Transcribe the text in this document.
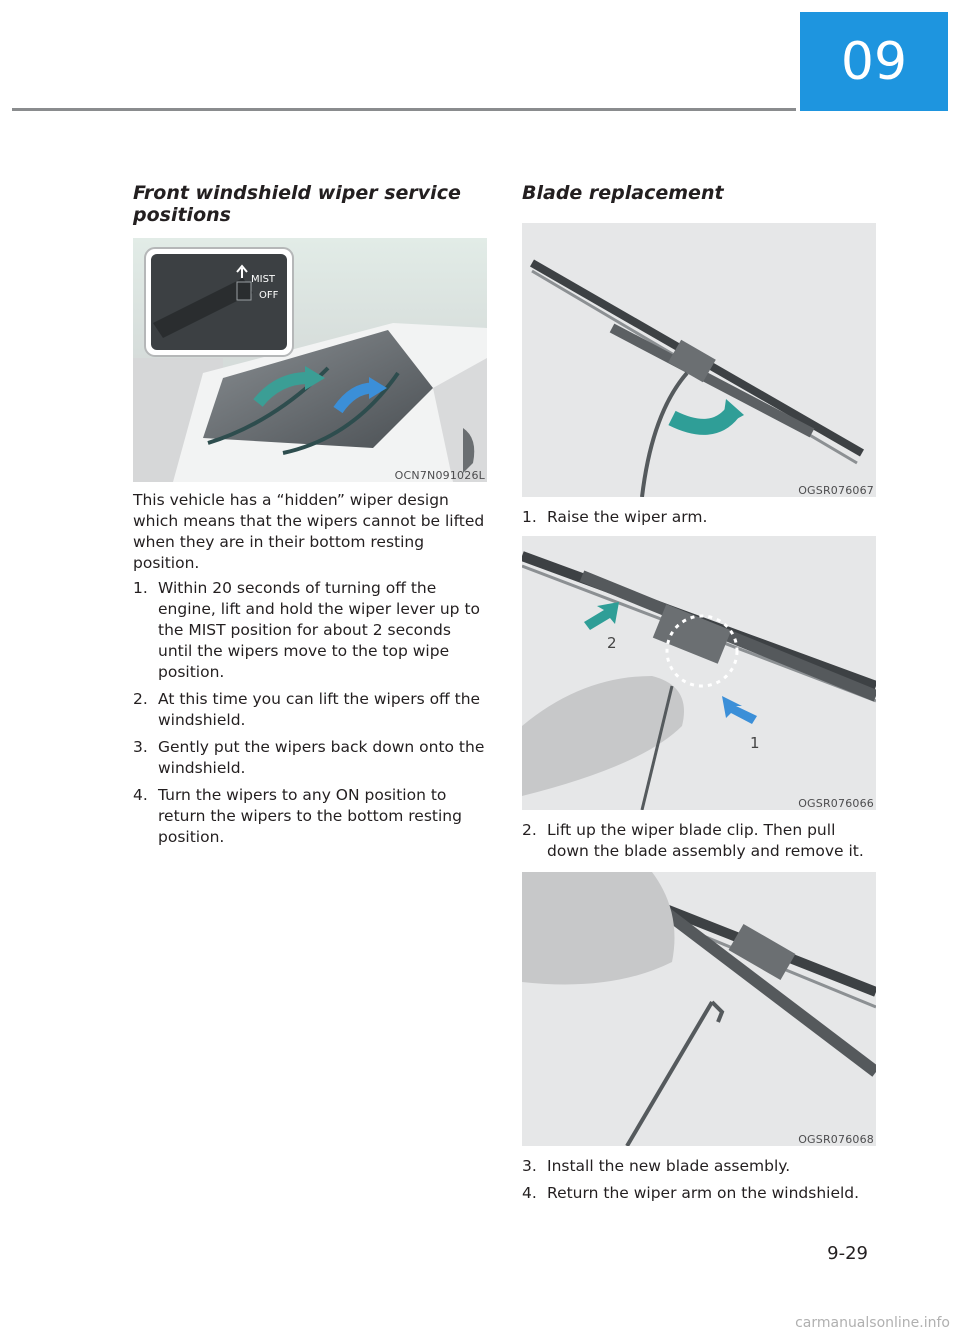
09
Front windshield wiper service positions
MIST
OFF
OCN7N091026L

This vehicle has a “hidden” wiper design which means that the wipers cannot be lifted when they are in their bottom resting position.

1. Within 20 seconds of turning off the engine, lift and hold the wiper lever up to the MIST position for about 2 seconds until the wipers move to the top wipe position.
2. At this time you can lift the wipers off the windshield.
3. Gently put the wipers back down onto the windshield.
4. Turn the wipers to any ON position to return the wipers to the bottom resting position.
Blade replacement
OGSR076067
1. Raise the wiper arm.
2
1
OGSR076066
2. Lift up the wiper blade clip. Then pull down the blade assembly and remove it.
OGSR076068
3. Install the new blade assembly.
4. Return the wiper arm on the windshield.
9-29
carmanualsonline.info
